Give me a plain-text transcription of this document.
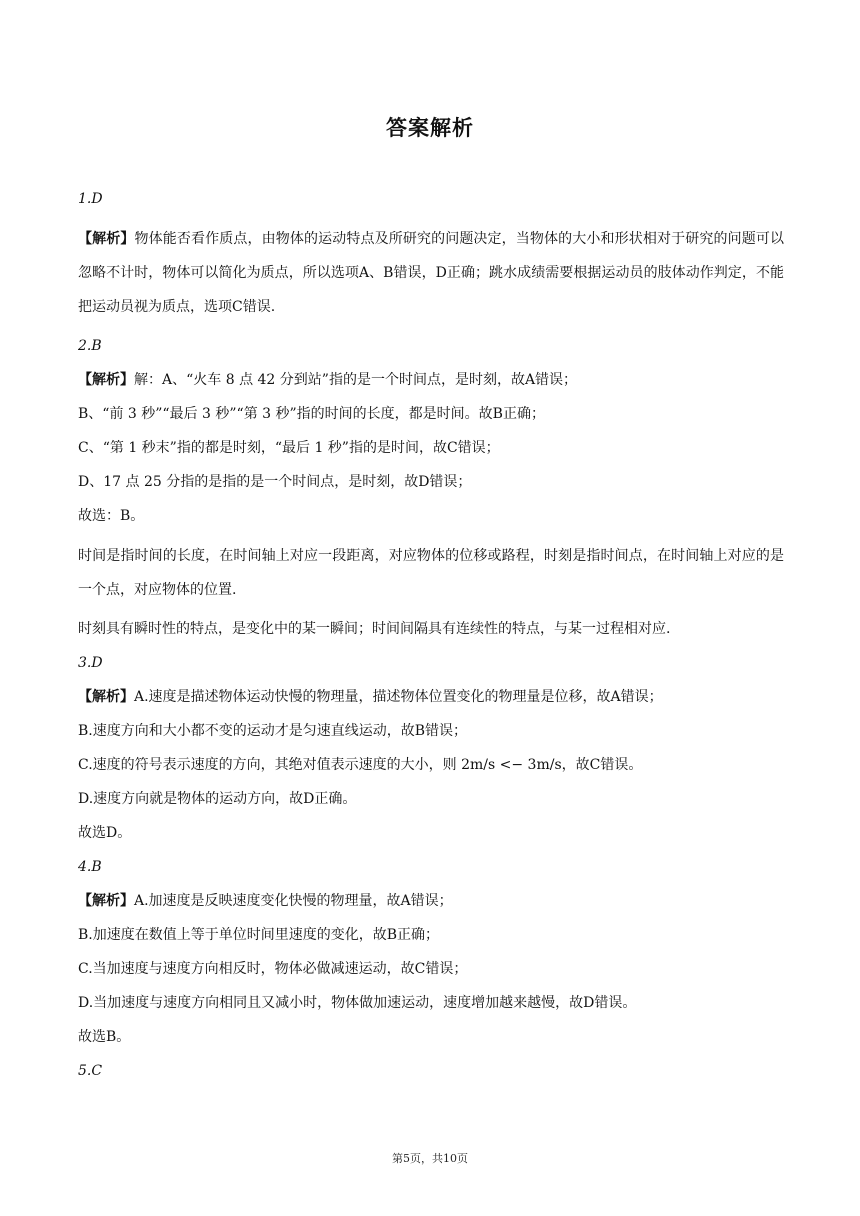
答案解析
1.D
【解析】物体能否看作质点，由物体的运动特点及所研究的问题决定，当物体的大小和形状相对于研究的问题可以忽略不计时，物体可以简化为质点，所以选项A、B错误，D正确；跳水成绩需要根据运动员的肢体动作判定，不能把运动员视为质点，选项C错误.
2.B
【解析】解：A、“火车 8 点 42 分到站”指的是一个时间点，是时刻，故A错误；
B、“前 3 秒”“最后 3 秒”“第 3 秒”指的时间的长度，都是时间。故B正确；
C、“第 1 秒末”指的都是时刻，“最后 1 秒”指的是时间，故C错误；
D、17 点 25 分指的是指的是一个时间点，是时刻，故D错误；
故选：B。
时间是指时间的长度，在时间轴上对应一段距离，对应物体的位移或路程，时刻是指时间点，在时间轴上对应的是一个点，对应物体的位置.
时刻具有瞬时性的特点，是变化中的某一瞬间；时间间隔具有连续性的特点，与某一过程相对应.
3.D
【解析】A.速度是描述物体运动快慢的物理量，描述物体位置变化的物理量是位移，故A错误；
B.速度方向和大小都不变的运动才是匀速直线运动，故B错误；
C.速度的符号表示速度的方向，其绝对值表示速度的大小，则 2m/s <− 3m/s，故C错误。
D.速度方向就是物体的运动方向，故D正确。
故选D。
4.B
【解析】A.加速度是反映速度变化快慢的物理量，故A错误；
B.加速度在数值上等于单位时间里速度的变化，故B正确；
C.当加速度与速度方向相反时，物体必做减速运动，故C错误；
D.当加速度与速度方向相同且又减小时，物体做加速运动，速度增加越来越慢，故D错误。
故选B。
5.C
第5页，共10页
